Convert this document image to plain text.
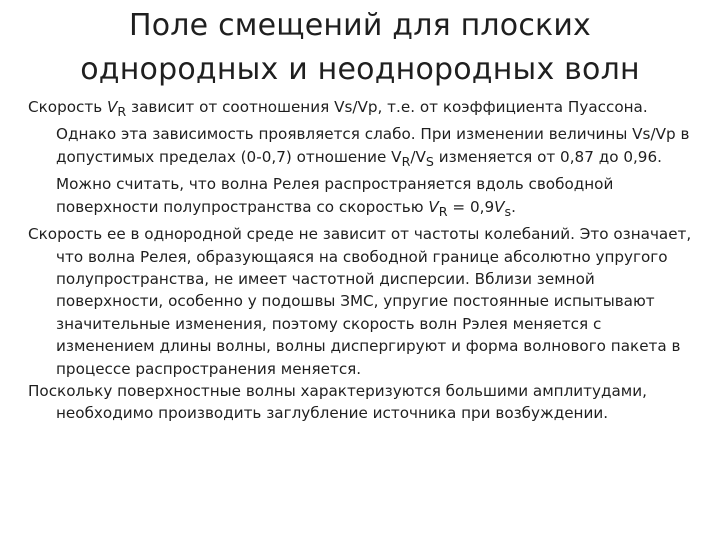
Поле смещений для плоских
однородных и неоднородных волн

Скорость $V_R$ зависит от соотношения Vs/Vp, т.е. от коэффициента Пуассона. Однако эта зависимость проявляется слабо. При изменении величины Vs/Vp в допустимых пределах (0-0,7) отношение $V_R/V_S$ изменяется от 0,87 до 0,96. Можно считать, что волна Релея распространяется вдоль свободной поверхности полупространства со скоростью $V_R = 0,9V_s$.

Скорость ее в однородной среде не зависит от частоты колебаний. Это означает, что волна Релея, образующаяся на свободной границе абсолютно упругого полупространства, не имеет частотной дисперсии. Вблизи земной поверхности, особенно у подошвы ЗМС, упругие постоянные испытывают значительные изменения, поэтому скорость волн Рэлея меняется с изменением длины волны, волны диспергируют и форма волнового пакета в процессе распространения меняется.

Поскольку поверхностные волны характеризуются большими амплитудами, необходимо производить заглубление источника при возбуждении.
